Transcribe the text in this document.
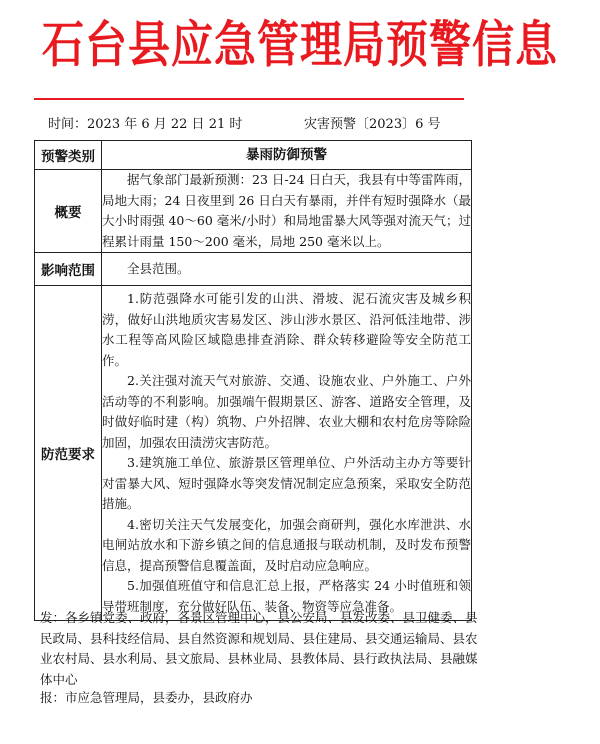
石台县应急管理局预警信息
时间：2023 年 6 月 22 日 21 时	灾害预警〔2023〕6 号
预警类别	暴雨防御预警
概要	据气象部门最新预测：23 日-24 日白天，我县有中等雷阵雨，局地大雨；24 日夜里到 26 日白天有暴雨，并伴有短时强降水（最大小时雨强 40～60 毫米/小时）和局地雷暴大风等强对流天气；过程累计雨量 150～200 毫米，局地 250 毫米以上。

影响范围	全县范围。

防范要求	1.防范强降水可能引发的山洪、滑坡、泥石流灾害及城乡积涝，做好山洪地质灾害易发区、涉山涉水景区、沿河低洼地带、涉水工程等高风险区域隐患排查消除、群众转移避险等安全防范工作。

2.关注强对流天气对旅游、交通、设施农业、户外施工、户外活动等的不利影响。加强端午假期景区、游客、道路安全管理，及时做好临时建（构）筑物、户外招牌、农业大棚和农村危房等除险加固，加强农田渍涝灾害防范。

3.建筑施工单位、旅游景区管理单位、户外活动主办方等要针对雷暴大风、短时强降水等突发情况制定应急预案，采取安全防范措施。

4.密切关注天气发展变化，加强会商研判，强化水库泄洪、水电闸站放水和下游乡镇之间的信息通报与联动机制，及时发布预警信息，提高预警信息覆盖面，及时启动应急响应。

5.加强值班值守和信息汇总上报，严格落实 24 小时值班和领导带班制度，充分做好队伍、装备、物资等应急准备。

发：各乡镇党委、政府，各景区管理中心，县公安局、县发改委、县卫健委、县民政局、县科技经信局、县自然资源和规划局、县住建局、县交通运输局、县农业农村局、县水利局、县文旅局、县林业局、县教体局、县行政执法局、县融媒体中心

报：市应急管理局，县委办，县政府办
